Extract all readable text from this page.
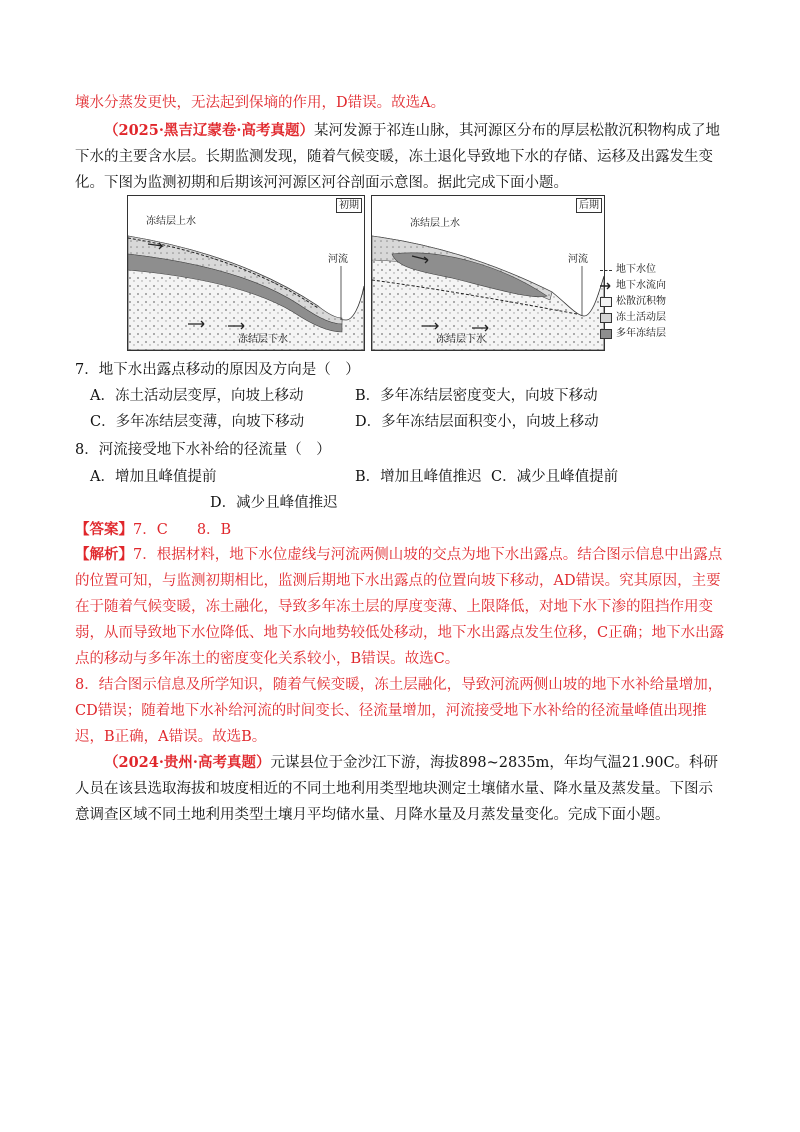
壤水分蒸发更快，无法起到保墒的作用，D错误。故选A。

（2025·黑吉辽蒙卷·高考真题）某河发源于祁连山脉，其河源区分布的厚层松散沉积物构成了地下水的主要含水层。长期监测发现，随着气候变暖，冻土退化导致地下水的存储、运移及出露发生变化。下图为监测初期和后期该河河源区河谷剖面示意图。据此完成下面小题。

初期
冻结层上水
河流
冻结层下水
后期
冻结层上水
河流
冻结层下水
地下水位
地下水流向
松散沉积物
冻土活动层
多年冻结层
7．地下水出露点移动的原因及方向是（　）
A．冻土活动层变厚，向坡上移动	B．多年冻结层密度变大，向坡下移动
C．多年冻结层变薄，向坡下移动	D．多年冻结层面积变小，向坡上移动
8．河流接受地下水补给的径流量（　）
A．增加且峰值提前	B．增加且峰值推迟 C．减少且峰值提前
D．减少且峰值推迟
【答案】7．C　　8．B

【解析】7．根据材料，地下水位虚线与河流两侧山坡的交点为地下水出露点。结合图示信息中出露点的位置可知，与监测初期相比，监测后期地下水出露点的位置向坡下移动，AD错误。究其原因，主要在于随着气候变暖，冻土融化，导致多年冻土层的厚度变薄、上限降低，对地下水下渗的阻挡作用变弱，从而导致地下水位降低、地下水向地势较低处移动，地下水出露点发生位移，C正确；地下水出露点的移动与多年冻土的密度变化关系较小，B错误。故选C。

8．结合图示信息及所学知识，随着气候变暖，冻土层融化，导致河流两侧山坡的地下水补给量增加，CD错误；随着地下水补给河流的时间变长、径流量增加，河流接受地下水补给的径流量峰值出现推迟，B正确，A错误。故选B。

（2024·贵州·高考真题）元谋县位于金沙江下游，海拔898~2835m，年均气温21.90C。科研人员在该县选取海拔和坡度相近的不同土地利用类型地块测定土壤储水量、降水量及蒸发量。下图示意调查区域不同土地利用类型土壤月平均储水量、月降水量及月蒸发量变化。完成下面小题。
